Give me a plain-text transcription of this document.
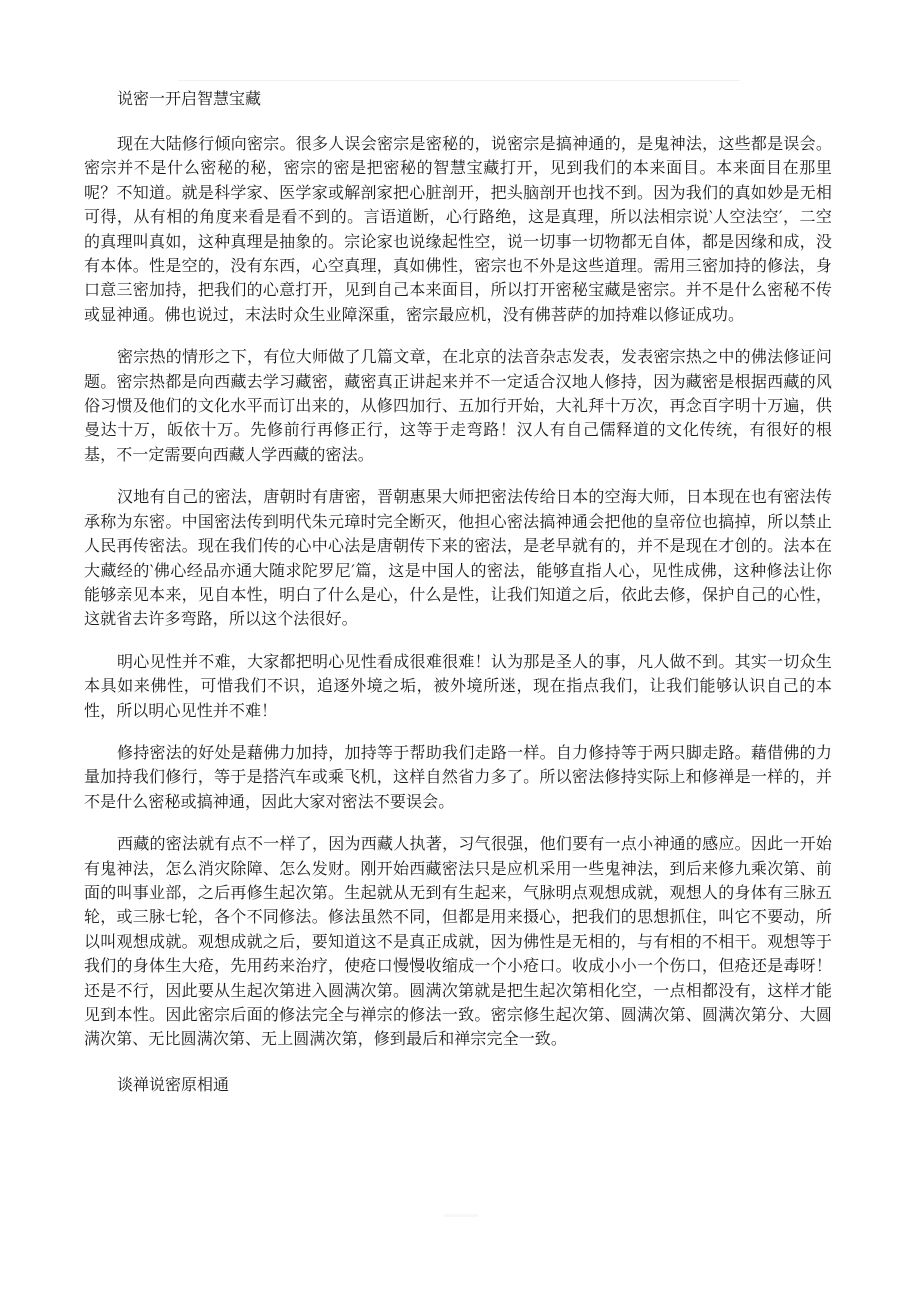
说密一开启智慧宝藏

现在大陆修行倾向密宗。很多人误会密宗是密秘的，说密宗是搞神通的，是鬼神法，这些都是误会。密宗并不是什么密秘的秘，密宗的密是把密秘的智慧宝藏打开，见到我们的本来面目。本来面目在那里呢？不知道。就是科学家、医学家或解剖家把心脏剖开，把头脑剖开也找不到。因为我们的真如妙是无相可得，从有相的角度来看是看不到的。言语道断，心行路绝，这是真理，所以法相宗说‵人空法空′，二空的真理叫真如，这种真理是抽象的。宗论家也说缘起性空，说一切事一切物都无自体，都是因缘和成，没有本体。性是空的，没有东西，心空真理，真如佛性，密宗也不外是这些道理。需用三密加持的修法，身口意三密加持，把我们的心意打开，见到自己本来面目，所以打开密秘宝藏是密宗。并不是什么密秘不传或显神通。佛也说过，末法时众生业障深重，密宗最应机，没有佛菩萨的加持难以修证成功。

密宗热的情形之下，有位大师做了几篇文章，在北京的法音杂志发表，发表密宗热之中的佛法修证问题。密宗热都是向西藏去学习藏密，藏密真正讲起来并不一定适合汉地人修持，因为藏密是根据西藏的风俗习惯及他们的文化水平而订出来的，从修四加行、五加行开始，大礼拜十万次，再念百字明十万遍，供曼达十万，皈依十万。先修前行再修正行，这等于走弯路！汉人有自己儒释道的文化传统，有很好的根基，不一定需要向西藏人学西藏的密法。

汉地有自己的密法，唐朝时有唐密，晋朝惠果大师把密法传给日本的空海大师，日本现在也有密法传承称为东密。中国密法传到明代朱元璋时完全断灭，他担心密法搞神通会把他的皇帝位也搞掉，所以禁止人民再传密法。现在我们传的心中心法是唐朝传下来的密法，是老早就有的，并不是现在才创的。法本在大藏经的‵佛心经品亦通大随求陀罗尼′篇，这是中国人的密法，能够直指人心，见性成佛，这种修法让你能够亲见本来，见自本性，明白了什么是心，什么是性，让我们知道之后，依此去修，保护自己的心性，这就省去许多弯路，所以这个法很好。

明心见性并不难，大家都把明心见性看成很难很难！认为那是圣人的事，凡人做不到。其实一切众生本具如来佛性，可惜我们不识，追逐外境之垢，被外境所迷，现在指点我们，让我们能够认识自己的本性，所以明心见性并不难！

修持密法的好处是藉佛力加持，加持等于帮助我们走路一样。自力修持等于两只脚走路。藉借佛的力量加持我们修行，等于是搭汽车或乘飞机，这样自然省力多了。所以密法修持实际上和修禅是一样的，并不是什么密秘或搞神通，因此大家对密法不要误会。

西藏的密法就有点不一样了，因为西藏人执著，习气很强，他们要有一点小神通的感应。因此一开始有鬼神法，怎么消灾除障、怎么发财。刚开始西藏密法只是应机采用一些鬼神法，到后来修九乘次第、前面的叫事业部，之后再修生起次第。生起就从无到有生起来，气脉明点观想成就，观想人的身体有三脉五轮，或三脉七轮，各个不同修法。修法虽然不同，但都是用来摄心，把我们的思想抓住，叫它不要动，所以叫观想成就。观想成就之后，要知道这不是真正成就，因为佛性是无相的，与有相的不相干。观想等于我们的身体生大疮，先用药来治疗，使疮口慢慢收缩成一个小疮口。收成小小一个伤口，但疮还是毒呀！还是不行，因此要从生起次第进入圆满次第。圆满次第就是把生起次第相化空，一点相都没有，这样才能见到本性。因此密宗后面的修法完全与禅宗的修法一致。密宗修生起次第、圆满次第、圆满次第分、大圆满次第、无比圆满次第、无上圆满次第，修到最后和禅宗完全一致。

谈禅说密原相通
